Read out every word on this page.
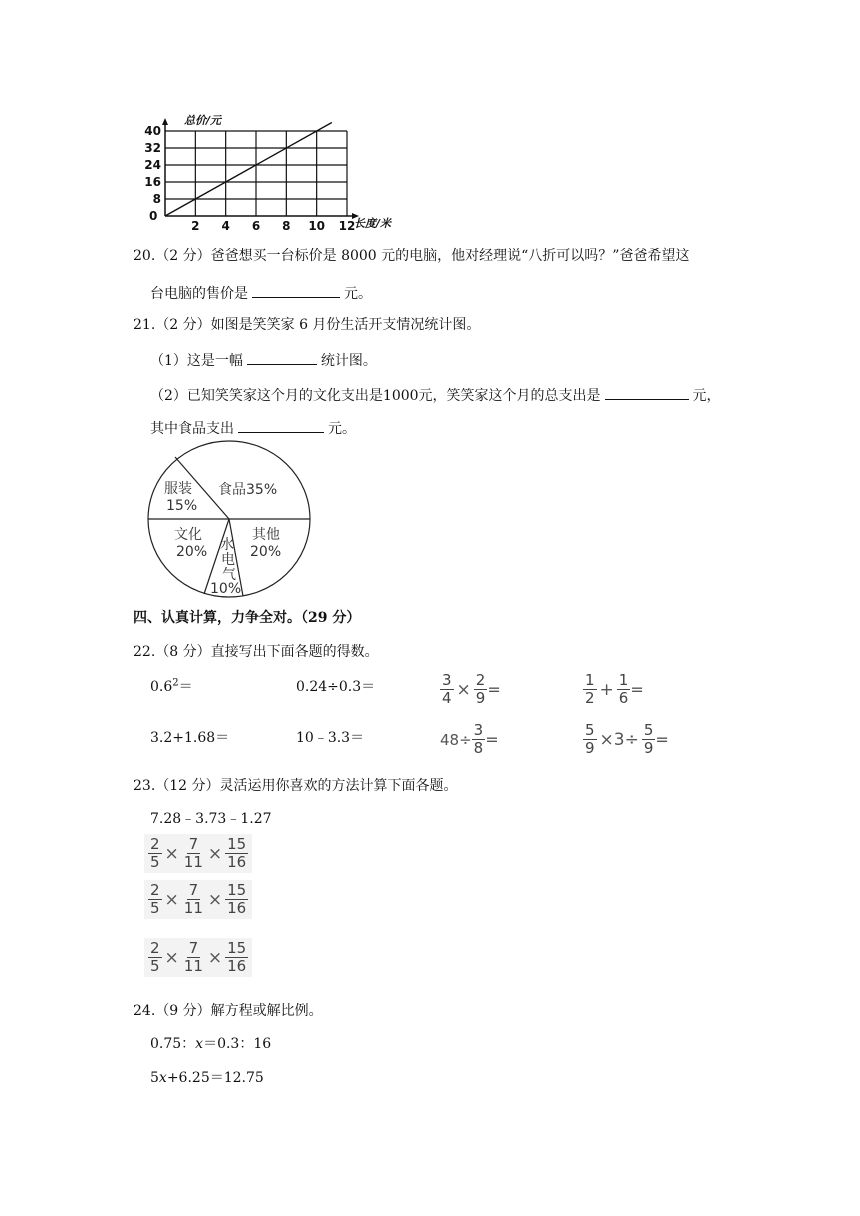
0
2 4 6 8 10 12
8
16
24
32
40
总价/元
长度/米
20.（2 分）爸爸想买一台标价是 8000 元的电脑，他对经理说“八折可以吗？”爸爸希望这
台电脑的售价是	元。
21.（2 分）如图是笑笑家 6 月份生活开支情况统计图。
（1）这是一幅	统计图。
（2）已知笑笑家这个月的文化支出是1000元，笑笑家这个月的总支出是	元，
其中食品支出	元。
食品35%
服装
15%
文化
20%
其他
20%
水
电
气
10%
四、认真计算，力争全对。（29 分）
22.（8 分）直接写出下面各题的得数。
$0.6^2=$	0.24÷0.3＝	$\frac{3}{4} \times \frac{2}{9}$ =	$\frac{1}{2} + \frac{1}{6}$ =
3.2+1.68＝	10﹣3.3＝	$48\div \frac{3}{8}$ =	$\frac{5}{9} \times 3\div \frac{5}{9}$ =
23.（12 分）灵活运用你喜欢的方法计算下面各题。
7.28﹣3.73﹣1.27
$\frac{2}{5} \times \frac{7}{11} \times \frac{15}{16}$
$\frac{2}{5} \times \frac{7}{11} \times \frac{15}{16}$
$\frac{2}{5} \times \frac{7}{11} \times \frac{15}{16}$
24.（9 分）解方程或解比例。
0.75：x＝0.3：16
5x+6.25＝12.75
